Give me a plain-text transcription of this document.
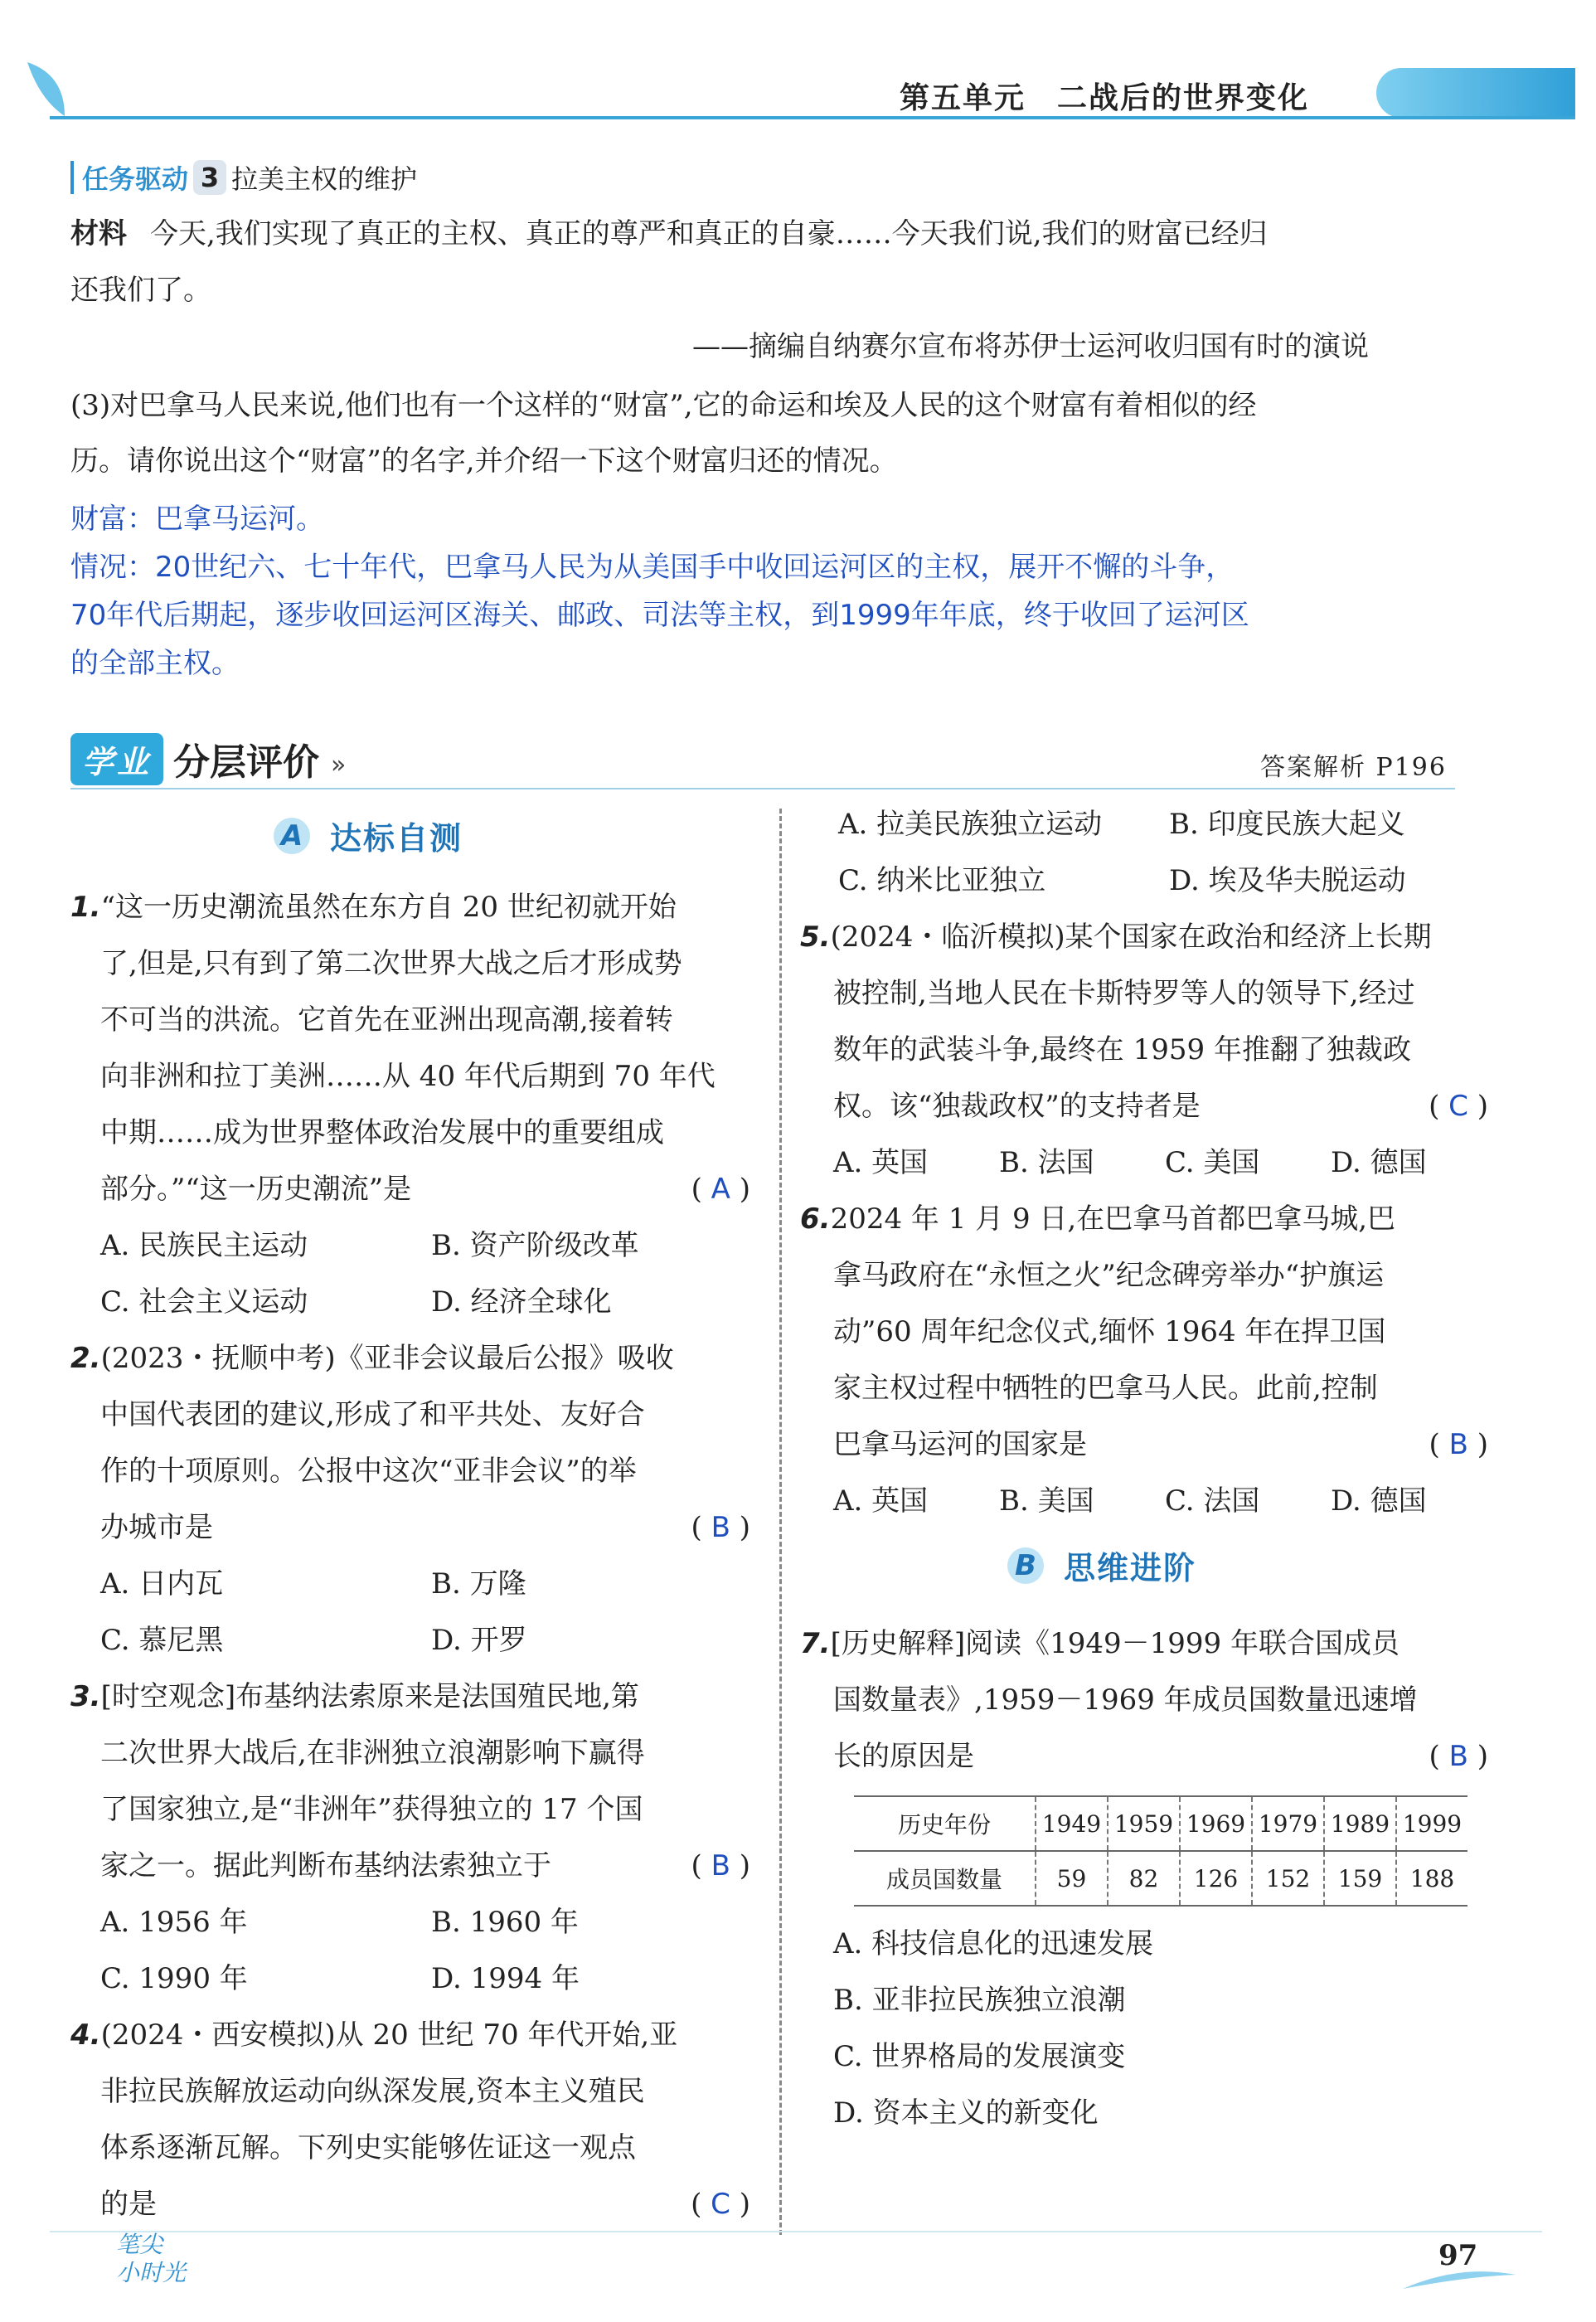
第五单元　二战后的世界变化
任务驱动 3 拉美主权的维护
材料 今天,我们实现了真正的主权、真正的尊严和真正的自豪……今天我们说,我们的财富已经归
还我们了。
——摘编自纳赛尔宣布将苏伊士运河收归国有时的演说
(3)对巴拿马人民来说,他们也有一个这样的“财富”,它的命运和埃及人民的这个财富有着相似的经
历。请你说出这个“财富”的名字,并介绍一下这个财富归还的情况。
财富：巴拿马运河。
情况：20世纪六、七十年代，巴拿马人民为从美国手中收回运河区的主权，展开不懈的斗争，
70年代后期起，逐步收回运河区海关、邮政、司法等主权，到1999年年底，终于收回了运河区
的全部主权。
学业 分层评价 »	答案解析 P196
A 达标自测
1.“这一历史潮流虽然在东方自 20 世纪初就开始
了,但是,只有到了第二次世界大战之后才形成势
不可当的洪流。它首先在亚洲出现高潮,接着转
向非洲和拉丁美洲……从 40 年代后期到 70 年代
中期……成为世界整体政治发展中的重要组成
部分。”“这一历史潮流”是	( A )
A. 民族民主运动	B. 资产阶级改革
C. 社会主义运动	D. 经济全球化
2.(2023・抚顺中考)《亚非会议最后公报》吸收
中国代表团的建议,形成了和平共处、友好合
作的十项原则。公报中这次“亚非会议”的举
办城市是	( B )
A. 日内瓦	B. 万隆
C. 慕尼黑	D. 开罗
3.[时空观念]布基纳法索原来是法国殖民地,第
二次世界大战后,在非洲独立浪潮影响下赢得
了国家独立,是“非洲年”获得独立的 17 个国
家之一。据此判断布基纳法索独立于	( B )
A. 1956 年	B. 1960 年
C. 1990 年	D. 1994 年
4.(2024・西安模拟)从 20 世纪 70 年代开始,亚
非拉民族解放运动向纵深发展,资本主义殖民
体系逐渐瓦解。下列史实能够佐证这一观点
的是	( C )
A. 拉美民族独立运动 B. 印度民族大起义
C. 纳米比亚独立	D. 埃及华夫脱运动
5.(2024・临沂模拟)某个国家在政治和经济上长期
被控制,当地人民在卡斯特罗等人的领导下,经过
数年的武装斗争,最终在 1959 年推翻了独裁政
权。该“独裁政权”的支持者是	( C )
A. 英国	B. 法国	C. 美国	D. 德国
6.2024 年 1 月 9 日,在巴拿马首都巴拿马城,巴
拿马政府在“永恒之火”纪念碑旁举办“护旗运
动”60 周年纪念仪式,缅怀 1964 年在捍卫国
家主权过程中牺牲的巴拿马人民。此前,控制
巴拿马运河的国家是	( B )
A. 英国	B. 美国	C. 法国	D. 德国
B 思维进阶
7.[历史解释]阅读《1949－1999 年联合国成员
国数量表》,1959－1969 年成员国数量迅速增
长的原因是	( B )
历史年份	1949	1959	1969	1979	1989	1999
成员国数量	59	82	126	152	159	188
A. 科技信息化的迅速发展
B. 亚非拉民族独立浪潮
C. 世界格局的发展演变
D. 资本主义的新变化
笔尖
小时光
97
